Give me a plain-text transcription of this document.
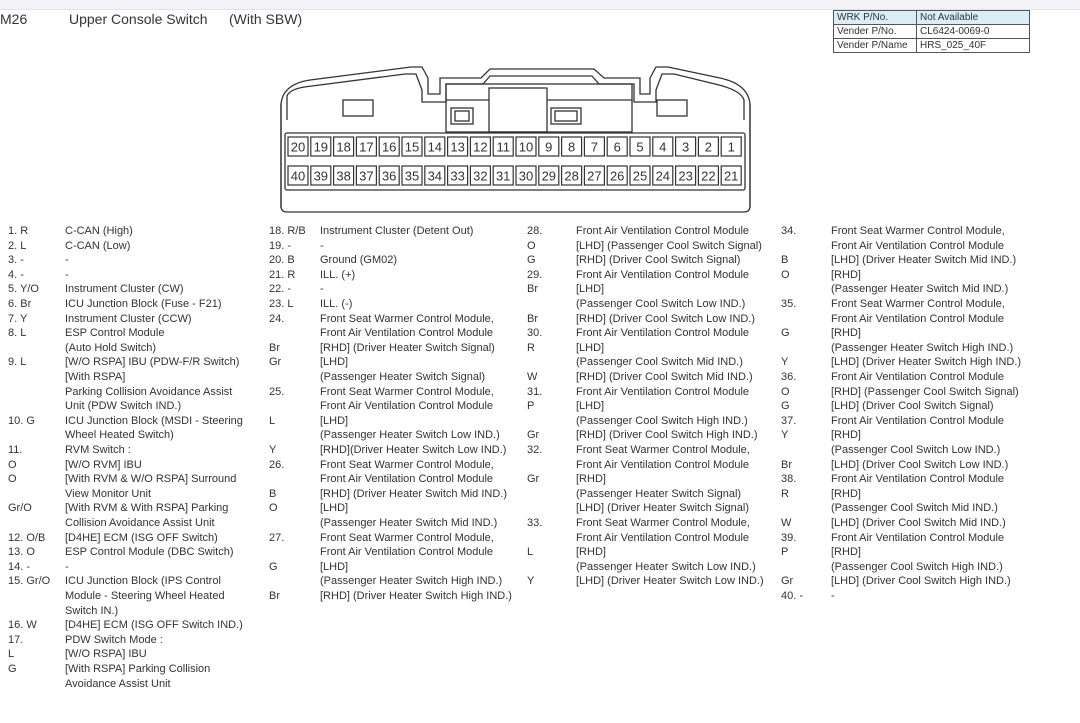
M26	Upper Console Switch (With SBW)	WRK P/No.	Not Available
Vender P/No.	CL6424-0069-0
Vender P/Name	HRS_025_40F
20 19 18 17 16 15 14 13 12 11 10 9 8 7 6 5 4 3 2 1
40 39 38 37 36 35 34 33 32 31 30 29 28 27 26 25 24 23 22 21
1. R	C-CAN (High)
2. L	C-CAN (Low)
3. -	-
4. -	-
5. Y/O Instrument Cluster (CW)
6. Br	ICU Junction Block (Fuse - F21)
7. Y	Instrument Cluster (CCW)
8. L	ESP Control Module
(Auto Hold Switch)
9. L	[W/O RSPA] IBU (PDW-F/R Switch)
[With RSPA]
Parking Collision Avoidance Assist
Unit (PDW Switch IND.)
10. G	ICU Junction Block (MSDI - Steering
Wheel Heated Switch)
11.	RVM Switch :
O	[W/O RVM] IBU
O	[With RVM & W/O RSPA] Surround
View Monitor Unit
Gr/O	[With RVM & With RSPA] Parking
Collision Avoidance Assist Unit
12. O/B [D4HE] ECM (ISG OFF Switch)
13. O	ESP Control Module (DBC Switch)
14. -	-
15. Gr/O ICU Junction Block (IPS Control
Module - Steering Wheel Heated
Switch IN.)
16. W	[D4HE] ECM (ISG OFF Switch IND.)
17.	PDW Switch Mode :
L	[W/O RSPA] IBU
G	[With RSPA] Parking Collision
Avoidance Assist Unit
18. R/B Instrument Cluster (Detent Out)
19. -	-
20. B Ground (GM02)
21. R ILL. (+)
22. -	-
23. L ILL. (-)
24.	Front Seat Warmer Control Module,
Front Air Ventilation Control Module
Br	[RHD] (Driver Heater Switch Signal)
Gr	[LHD]
(Passenger Heater Switch Signal)
25.	Front Seat Warmer Control Module,
Front Air Ventilation Control Module
L	[LHD]
(Passenger Heater Switch Low IND.)
Y	[RHD](Driver Heater Switch Low IND.)
26.	Front Seat Warmer Control Module,
Front Air Ventilation Control Module
B	[RHD] (Driver Heater Switch Mid IND.)
O	[LHD]
(Passenger Heater Switch Mid IND.)
27.	Front Seat Warmer Control Module,
Front Air Ventilation Control Module
G	[LHD]
(Passenger Heater Switch High IND.)
Br	[RHD] (Driver Heater Switch High IND.)
28.	Front Air Ventilation Control Module
O	[LHD] (Passenger Cool Switch Signal)
G	[RHD] (Driver Cool Switch Signal)
29.	Front Air Ventilation Control Module
Br	[LHD]
(Passenger Cool Switch Low IND.)
Br	[RHD] (Driver Cool Switch Low IND.)
30.	Front Air Ventilation Control Module
R	[LHD]
(Passenger Cool Switch Mid IND.)
W	[RHD] (Driver Cool Switch Mid IND.)
31.	Front Air Ventilation Control Module
P	[LHD]
(Passenger Cool Switch High IND.)
Gr	[RHD] (Driver Cool Switch High IND.)
32.	Front Seat Warmer Control Module,
Front Air Ventilation Control Module
Gr	[RHD]
(Passenger Heater Switch Signal)
[LHD] (Driver Heater Switch Signal)
33.	Front Seat Warmer Control Module,
Front Air Ventilation Control Module
L	[RHD]
(Passenger Heater Switch Low IND.)
Y	[LHD] (Driver Heater Switch Low IND.)
34.	Front Seat Warmer Control Module,
Front Air Ventilation Control Module
B	[LHD] (Driver Heater Switch Mid IND.)
O	[RHD]
(Passenger Heater Switch Mid IND.)
35.	Front Seat Warmer Control Module,
Front Air Ventilation Control Module
G	[RHD]
(Passenger Heater Switch High IND.)
Y	[LHD] (Driver Heater Switch High IND.)
36.	Front Air Ventilation Control Module
O	[RHD] (Passenger Cool Switch Signal)
G	[LHD] (Driver Cool Switch Signal)
37.	Front Air Ventilation Control Module
Y	[RHD]
(Passenger Cool Switch Low IND.)
Br	[LHD] (Driver Cool Switch Low IND.)
38.	Front Air Ventilation Control Module
R	[RHD]
(Passenger Cool Switch Mid IND.)
W	[LHD] (Driver Cool Switch Mid IND.)
39.	Front Air Ventilation Control Module
P	[RHD]
(Passenger Cool Switch High IND.)
Gr	[LHD] (Driver Cool Switch High IND.)
40. -	-
